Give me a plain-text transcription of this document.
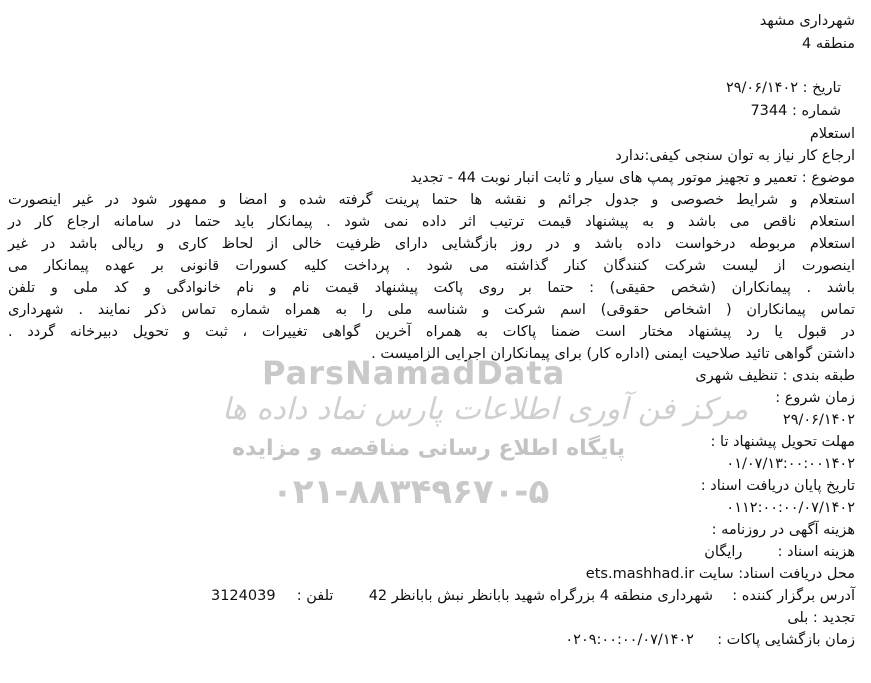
شهرداری مشهد
منطقه 4
تاریخ : ۲۹/۰۶/۱۴۰۲
شماره : 7344
استعلام
ارجاع کار نیاز به توان سنجی کیفی:ندارد
موضوع : تعمیر و تجهیز موتور پمپ های سیار و ثابت انبار نوبت 44 - تجدید
استعلام و شرایط خصوصی و جدول جرائم و نقشه ها حتما پرینت گرفته شده و امضا و ممهور شود در غیر اینصورت
استعلام ناقص می باشد و به پیشنهاد قیمت ترتیب اثر داده نمی شود . پیمانکار باید حتما در سامانه ارجاع کار در
استعلام مربوطه درخواست داده باشد و در روز بازگشایی دارای ظرفیت خالی از لحاظ کاری و ریالی باشد در غیر
اینصورت از لیست شرکت کنندگان کنار گذاشته می شود . پرداخت کلیه کسورات قانونی بر عهده پیمانکار می
باشد . پیمانکاران (شخص حقیقی) : حتما بر روی پاکت پیشنهاد قیمت نام و نام خانوادگی و کد ملی و تلفن
تماس پیمانکاران ( اشخاص حقوقی) اسم شرکت و شناسه ملی را به همراه شماره تماس ذکر نمایند . شهرداری
در قبول یا رد پیشنهاد مختار است ضمنا پاکات به همراه آخرین گواهی تغییرات ، ثبت و تحویل دبیرخانه گردد .
داشتن گواهی تائید صلاحیت ایمنی (اداره کار) برای پیمانکاران اجرایی الزامیست .
طبقه بندی : تنظیف شهری
زمان شروع :
۲۹/۰۶/۱۴۰۲
مهلت تحویل پیشنهاد تا :
۰۱/۰۷/۱۳:۰۰:۰۰۱۴۰۲
تاریخ پایان دریافت اسناد :
۰۱۱۲:۰۰:۰۰/۰۷/۱۴۰۲
هزینه آگهی در روزنامه :
هزینه اسناد :  رایگان
محل دریافت اسناد: سایت ets.mashhad.ir
آدرس برگزار کننده :  شهرداری منطقه 4 بزرگراه شهید بابانظر نبش بابانظر 42  تلفن :  3124039
تجدید : بلی
زمان بازگشایی پاکات :  ۰۲۰۹:۰۰:۰۰/۰۷/۱۴۰۲
ParsNamadData
مرکز فن آوری اطلاعات پارس نماد داده ها
پایگاه اطلاع رسانی مناقصه و مزایده
۰۲۱-۸۸۳۴۹۶۷۰-۵
